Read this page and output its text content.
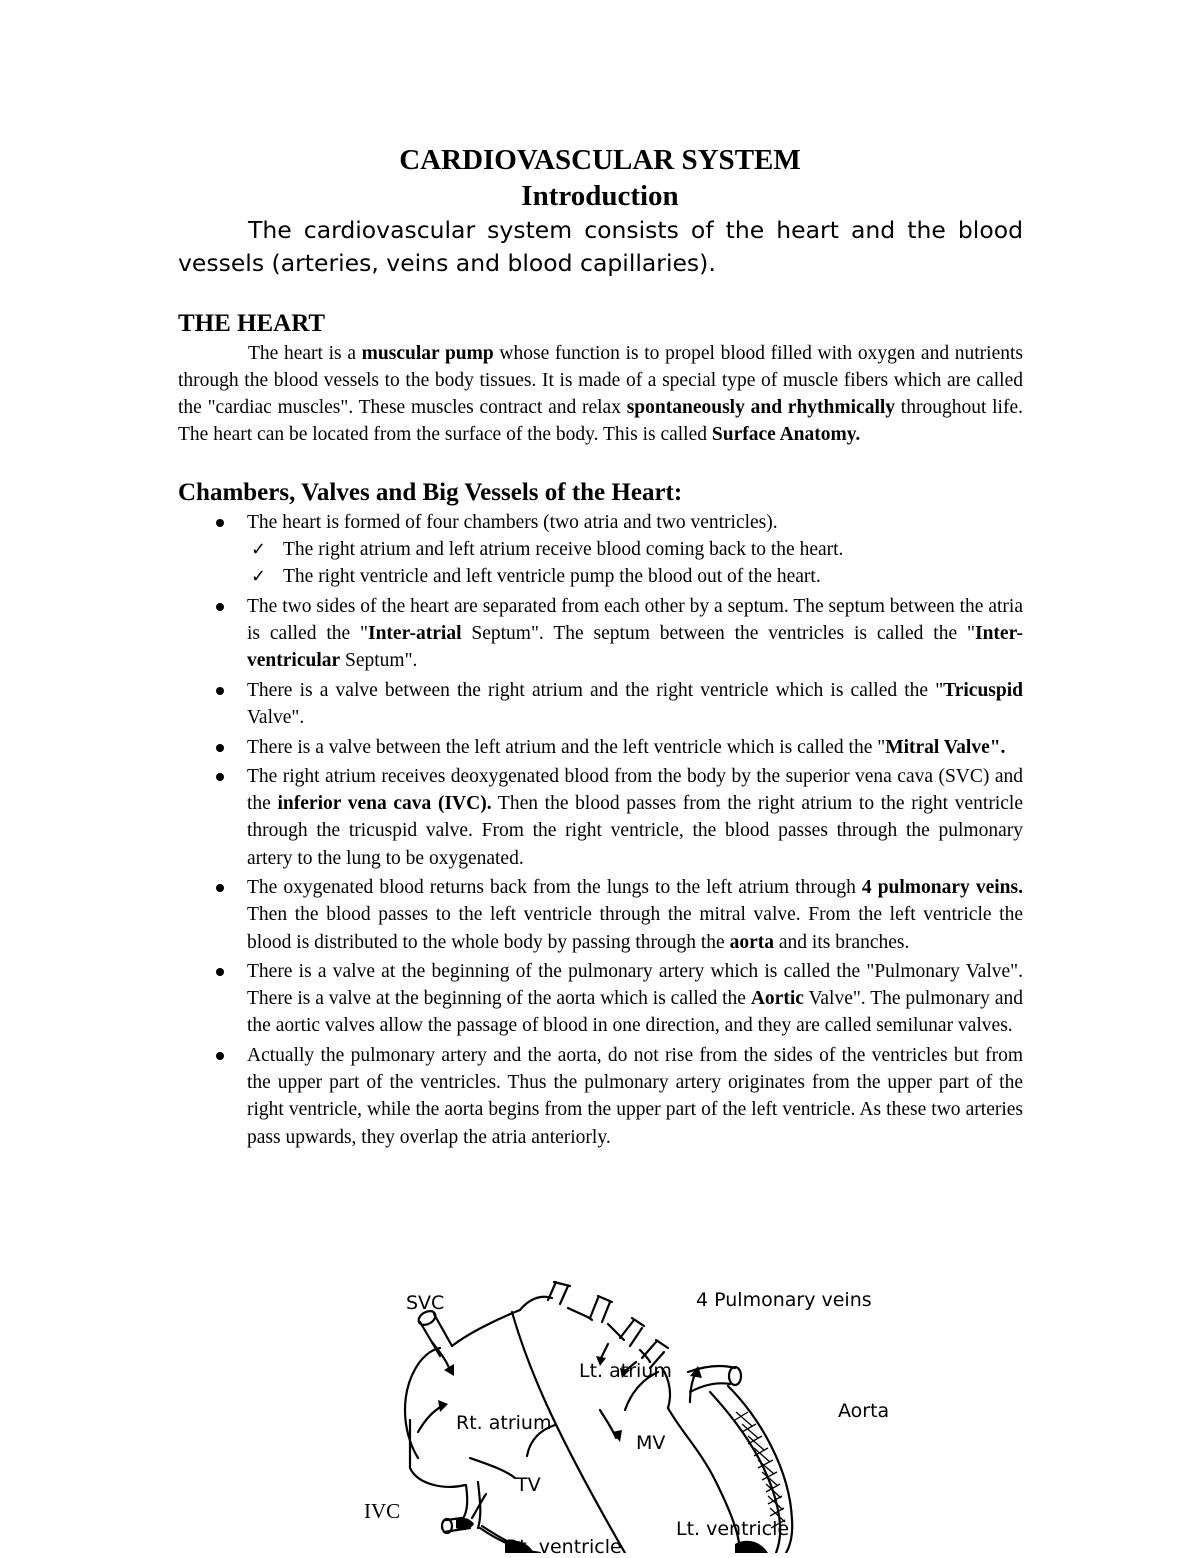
CARDIOVASCULAR SYSTEM
Introduction

The cardiovascular system consists of the heart and the blood vessels (arteries, veins and blood capillaries).

THE HEART

The heart is a muscular pump whose function is to propel blood filled with oxygen and nutrients through the blood vessels to the body tissues. It is made of a special type of muscle fibers which are called the "cardiac muscles". These muscles contract and relax spontaneously and rhythmically throughout life. The heart can be located from the surface of the body. This is called Surface Anatomy.

Chambers, Valves and Big Vessels of the Heart:
The heart is formed of four chambers (two atria and two ventricles).
✓ The right atrium and left atrium receive blood coming back to the heart.
✓ The right ventricle and left ventricle pump the blood out of the heart.
The two sides of the heart are separated from each other by a septum. The septum between the atria is called the "Inter-atrial Septum". The septum between the ventricles is called the "Inter-ventricular Septum".
There is a valve between the right atrium and the right ventricle which is called the "Tricuspid Valve".
There is a valve between the left atrium and the left ventricle which is called the "Mitral Valve".
The right atrium receives deoxygenated blood from the body by the superior vena cava (SVC) and the inferior vena cava (IVC). Then the blood passes from the right atrium to the right ventricle through the tricuspid valve. From the right ventricle, the blood passes through the pulmonary artery to the lung to be oxygenated.
The oxygenated blood returns back from the lungs to the left atrium through 4 pulmonary veins. Then the blood passes to the left ventricle through the mitral valve. From the left ventricle the blood is distributed to the whole body by passing through the aorta and its branches.
There is a valve at the beginning of the pulmonary artery which is called the "Pulmonary Valve". There is a valve at the beginning of the aorta which is called the Aortic Valve". The pulmonary and the aortic valves allow the passage of blood in one direction, and they are called semilunar valves.
Actually the pulmonary artery and the aorta, do not rise from the sides of the ventricles but from the upper part of the ventricles. Thus the pulmonary artery originates from the upper part of the right ventricle, while the aorta begins from the upper part of the left ventricle. As these two arteries pass upwards, they overlap the atria anteriorly.
SVC	4 Pulmonary veins
Lt. atrium
Aorta
Rt. atrium
MV
TV
IVC
Lt. ventricle
Rt. ventricle
